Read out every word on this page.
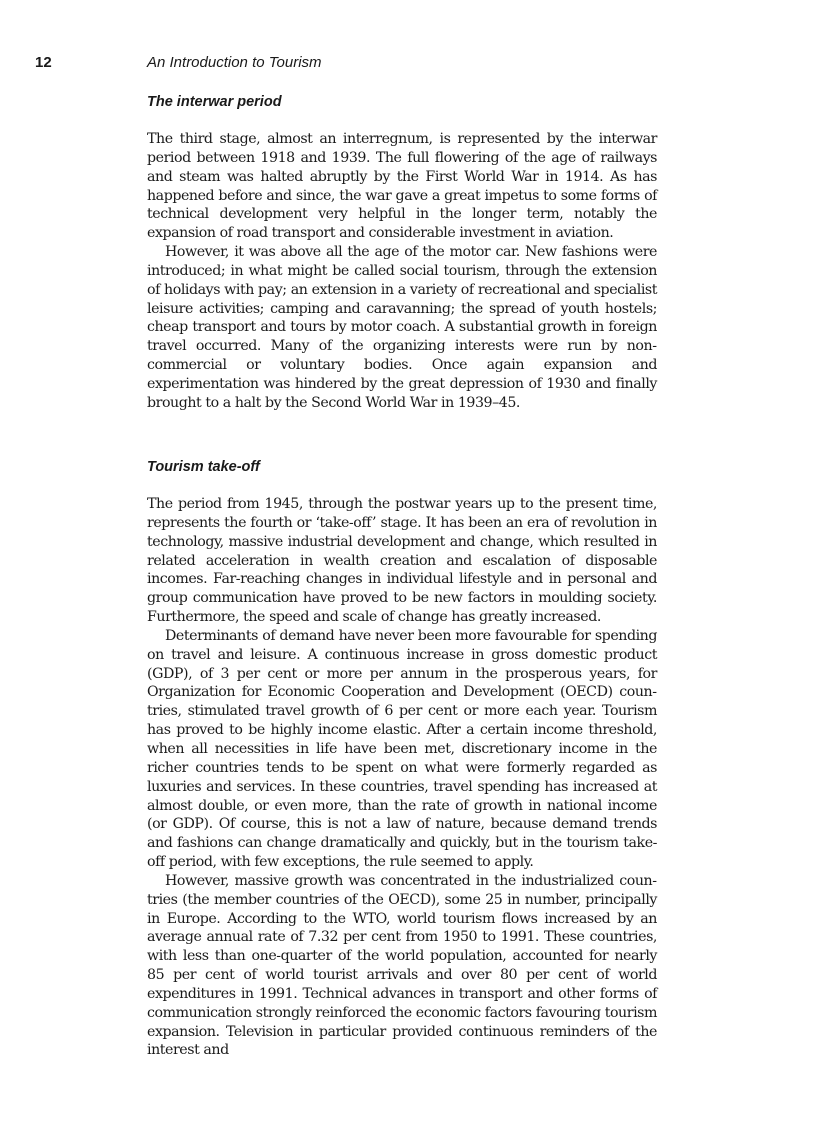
12	An Introduction to Tourism
The interwar period

The third stage, almost an interregnum, is represented by the interwar period between 1918 and 1939. The full flowering of the age of railways and steam was halted abruptly by the First World War in 1914. As has happened before and since, the war gave a great impetus to some forms of technical development very helpful in the longer term, notably the expansion of road transport and considerable investment in aviation.

However, it was above all the age of the motor car. New fashions were introduced; in what might be called social tourism, through the extension of holidays with pay; an extension in a variety of recreational and specialist leisure activities; camping and caravanning; the spread of youth hostels; cheap transport and tours by motor coach. A substantial growth in foreign travel occurred. Many of the organizing interests were run by noncommercial or voluntary bodies. Once again expansion and experimentation was hindered by the great depression of 1930 and finally brought to a halt by the Second World War in 1939–45.

Tourism take-off

The period from 1945, through the postwar years up to the present time, represents the fourth or ‘take-off’ stage. It has been an era of revolution in technology, massive industrial development and change, which resulted in related acceleration in wealth creation and escalation of disposable incomes. Far-reaching changes in individual lifestyle and in personal and group communication have proved to be new factors in moulding society. Furthermore, the speed and scale of change has greatly increased.

Determinants of demand have never been more favourable for spending on travel and leisure. A continuous increase in gross domestic product (GDP), of 3 per cent or more per annum in the prosperous years, for Organization for Economic Cooperation and Development (OECD) countries, stimulated travel growth of 6 per cent or more each year. Tourism has proved to be highly income elastic. After a certain income threshold, when all necessities in life have been met, discretionary income in the richer countries tends to be spent on what were formerly regarded as luxuries and services. In these countries, travel spending has increased at almost double, or even more, than the rate of growth in national income (or GDP). Of course, this is not a law of nature, because demand trends and fashions can change dramatically and quickly, but in the tourism take-off period, with few exceptions, the rule seemed to apply.

However, massive growth was concentrated in the industrialized countries (the member countries of the OECD), some 25 in number, principally in Europe. According to the WTO, world tourism flows increased by an average annual rate of 7.32 per cent from 1950 to 1991. These countries, with less than one-quarter of the world population, accounted for nearly 85 per cent of world tourist arrivals and over 80 per cent of world expenditures in 1991. Technical advances in transport and other forms of communication strongly reinforced the economic factors favouring tourism expansion. Television in particular provided continuous reminders of the interest and
